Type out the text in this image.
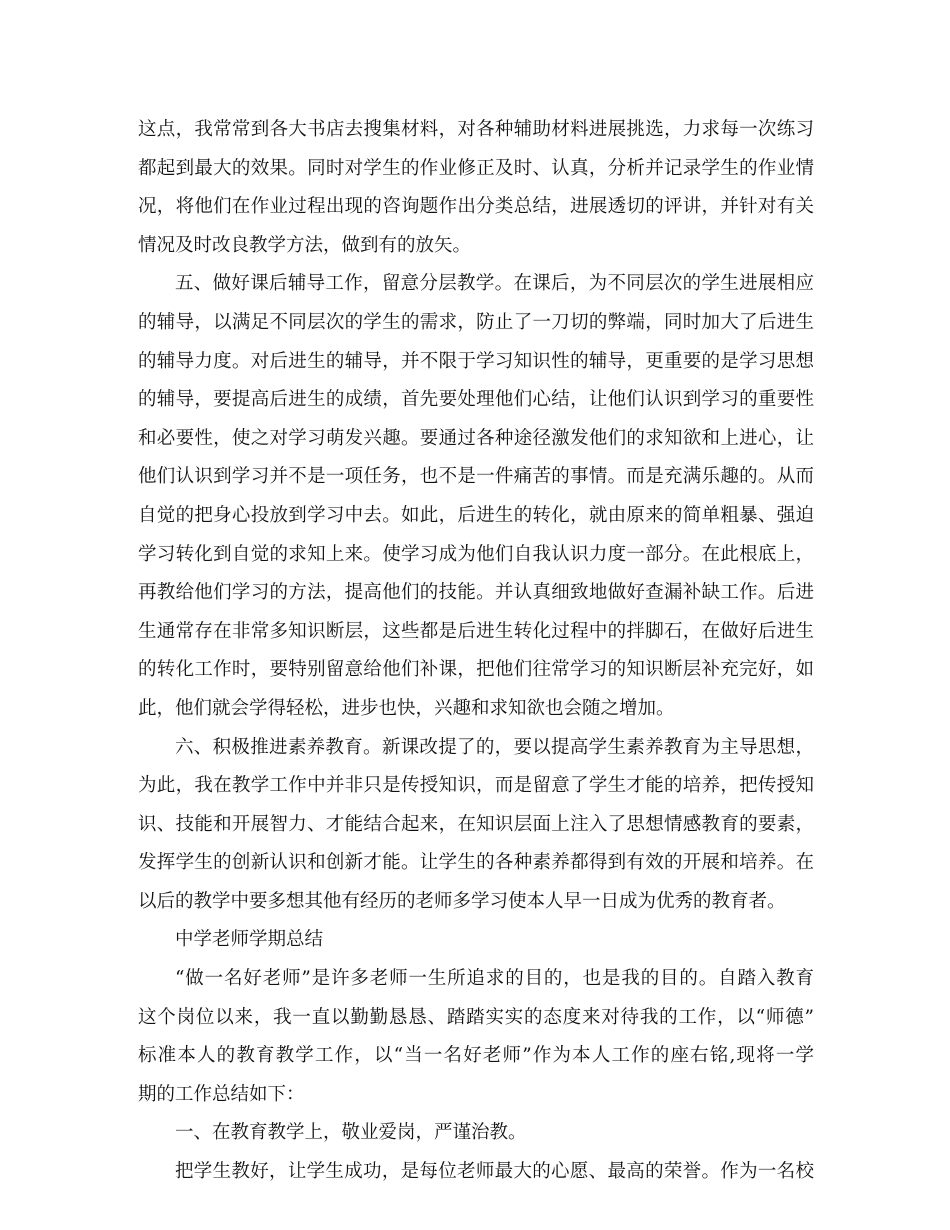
这点，我常常到各大书店去搜集材料，对各种辅助材料进展挑选，力求每一次练习
都起到最大的效果。同时对学生的作业修正及时、认真，分析并记录学生的作业情
况，将他们在作业过程出现的咨询题作出分类总结，进展透切的评讲，并针对有关
情况及时改良教学方法，做到有的放矢。
五、做好课后辅导工作，留意分层教学。在课后，为不同层次的学生进展相应
的辅导，以满足不同层次的学生的需求，防止了一刀切的弊端，同时加大了后进生
的辅导力度。对后进生的辅导，并不限于学习知识性的辅导，更重要的是学习思想
的辅导，要提高后进生的成绩，首先要处理他们心结，让他们认识到学习的重要性
和必要性，使之对学习萌发兴趣。要通过各种途径激发他们的求知欲和上进心，让
他们认识到学习并不是一项任务，也不是一件痛苦的事情。而是充满乐趣的。从而
自觉的把身心投放到学习中去。如此，后进生的转化，就由原来的简单粗暴、强迫
学习转化到自觉的求知上来。使学习成为他们自我认识力度一部分。在此根底上，
再教给他们学习的方法，提高他们的技能。并认真细致地做好查漏补缺工作。后进
生通常存在非常多知识断层，这些都是后进生转化过程中的拌脚石，在做好后进生
的转化工作时，要特别留意给他们补课，把他们往常学习的知识断层补充完好，如
此，他们就会学得轻松，进步也快，兴趣和求知欲也会随之增加。
六、积极推进素养教育。新课改提了的，要以提高学生素养教育为主导思想，
为此，我在教学工作中并非只是传授知识，而是留意了学生才能的培养，把传授知
识、技能和开展智力、才能结合起来，在知识层面上注入了思想情感教育的要素，
发挥学生的创新认识和创新才能。让学生的各种素养都得到有效的开展和培养。在
以后的教学中要多想其他有经历的老师多学习使本人早一日成为优秀的教育者。
中学老师学期总结
“做一名好老师”是许多老师一生所追求的目的，也是我的目的。自踏入教育
这个岗位以来，我一直以勤勤恳恳、踏踏实实的态度来对待我的工作，以“师德”
标准本人的教育教学工作，以“当一名好老师”作为本人工作的座右铭,现将一学
期的工作总结如下：
一、在教育教学上，敬业爱岗，严谨治教。
把学生教好，让学生成功，是每位老师最大的心愿、最高的荣誉。作为一名校
